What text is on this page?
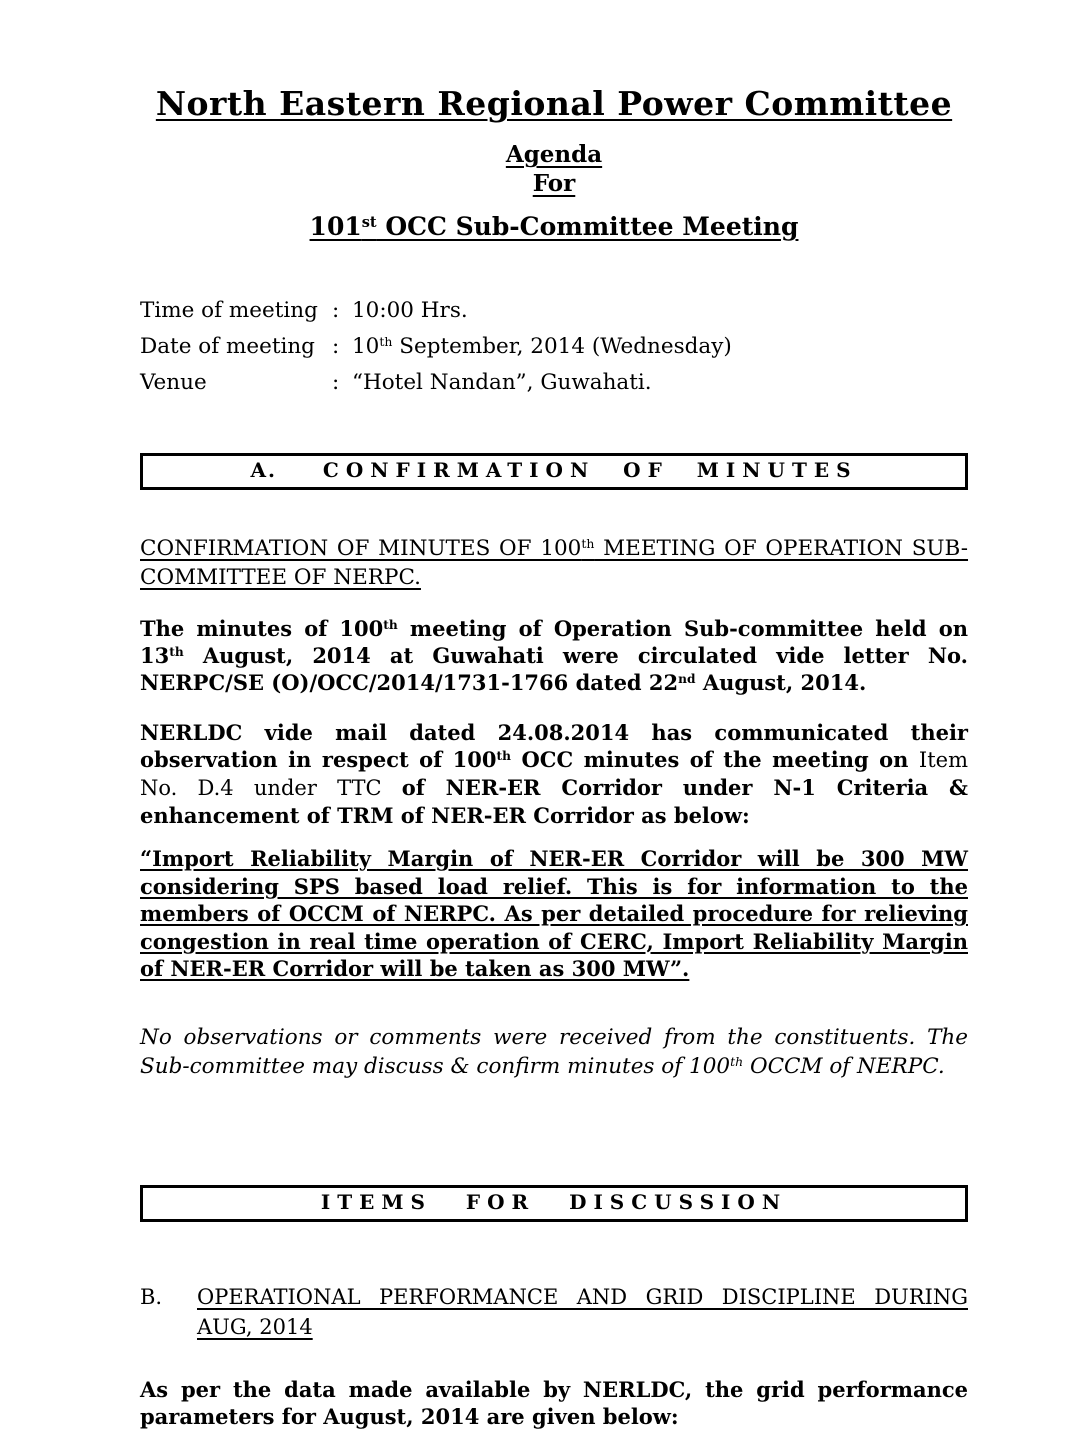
North Eastern Regional Power Committee

Agenda

For

101st OCC Sub-Committee Meeting

Time of meeting : 10:00 Hrs.
Date of meeting : 10th September, 2014 (Wednesday)
Venue	: “Hotel Nandan”, Guwahati.
A. CONFIRMATION OF MINUTES

CONFIRMATION OF MINUTES OF 100th MEETING OF OPERATION SUB-COMMITTEE OF NERPC.

The minutes of 100th meeting of Operation Sub-committee held on 13th August, 2014 at Guwahati were circulated vide letter No. NERPC/SE (O)/OCC/2014/1731-1766 dated 22nd August, 2014.

NERLDC vide mail dated 24.08.2014 has communicated their observation in respect of 100th OCC minutes of the meeting on Item No. D.4 under TTC of NER-ER Corridor under N-1 Criteria & enhancement of TRM of NER-ER Corridor as below:

“Import Reliability Margin of NER-ER Corridor will be 300 MW considering SPS based load relief. This is for information to the members of OCCM of NERPC. As per detailed procedure for relieving congestion in real time operation of CERC, Import Reliability Margin of NER-ER Corridor will be taken as 300 MW”.

No observations or comments were received from the constituents. The Sub-committee may discuss & confirm minutes of 100th OCCM of NERPC.

ITEMS FOR DISCUSSION
B.	OPERATIONAL PERFORMANCE AND GRID DISCIPLINE DURING AUG, 2014

As per the data made available by NERLDC, the grid performance parameters for August, 2014 are given below:
